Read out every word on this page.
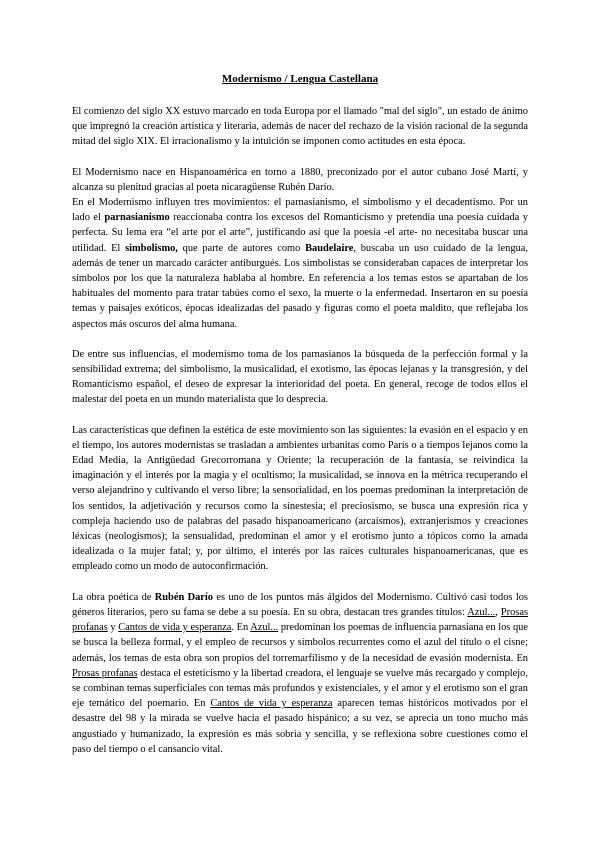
Modernismo / Lengua Castellana

El comienzo del siglo XX estuvo marcado en toda Europa por el llamado "mal del siglo", un estado de ánimo que impregnó la creación artística y literaria, además de nacer del rechazo de la visión racional de la segunda mitad del siglo XIX. El irracionalismo y la intuición se imponen como actitudes en esta época.

El Modernismo nace en Hispanoamérica en torno a 1880, preconizado por el autor cubano José Martí, y alcanza su plenitud gracias al poeta nicaragüense Rubén Darío.

En el Modernismo influyen tres movimientos: el parnasianismo, el simbolismo y el decadentismo. Por un lado el parnasianismo reaccionaba contra los excesos del Romanticismo y pretendía una poesía cuidada y perfecta. Su lema era “el arte por el arte”, justificando así que la poesía -el arte- no necesitaba buscar una utilidad. El simbolismo, que parte de autores como Baudelaire, buscaba un uso cuidado de la lengua, además de tener un marcado carácter antiburgués. Los simbolistas se consideraban capaces de interpretar los símbolos por los que la naturaleza hablaba al hombre. En referencia a los temas estos se apartaban de los habituales del momento para tratar tabúes como el sexo, la muerte o la enfermedad. Insertaron en su poesía temas y paisajes exóticos, épocas idealizadas del pasado y figuras como el poeta maldito, que reflejaba los aspectos más oscuros del alma humana.

De entre sus influencias, el modernismo toma de los parnasianos la búsqueda de la perfección formal y la sensibilidad extrema; del simbolismo, la musicalidad, el exotismo, las épocas lejanas y la transgresión, y del Romanticismo español, el deseo de expresar la interioridad del poeta. En general, recoge de todos ellos el malestar del poeta en un mundo materialista que lo desprecia.

Las características que definen la estética de este movimiento son las siguientes: la evasión en el espacio y en el tiempo, los autores modernistas se trasladan a ambientes urbanitas como París o a tiempos lejanos como la Edad Media, la Antigüedad Grecorromana y Oriente; la recuperación de la fantasía, se reivindica la imaginación y el interés por la magia y el ocultismo; la musicalidad, se innova en la métrica recuperando el verso alejandrino y cultivando el verso libre; la sensorialidad, en los poemas predominan la interpretación de los sentidos, la adjetivación y recursos como la sinestesia; el preciosismo, se busca una expresión rica y compleja haciendo uso de palabras del pasado hispanoamericano (arcaísmos), extranjerismos y creaciones léxicas (neologismos); la sensualidad, predominan el amor y el erotismo junto a tópicos como la amada idealizada o la mujer fatal; y, por último, el interés por las raíces culturales hispanoamericanas, que es empleado como un modo de autoconfirmación.

La obra poética de Rubén Darío es uno de los puntos más álgidos del Modernismo. Cultivó casi todos los géneros literarios, pero su fama se debe a su poesía. En su obra, destacan tres grandes títulos: Azul..., Prosas profanas y Cantos de vida y esperanza. En Azul... predominan los poemas de influencia parnasiana en los que se busca la belleza formal, y el empleo de recursos y símbolos recurrentes como el azul del título o el cisne; además, los temas de esta obra son propios del torremarfilismo y de la necesidad de evasión modernista. En Prosas profanas destaca el esteticismo y la libertad creadora, el lenguaje se vuelve más recargado y complejo, se combinan temas superficiales con temas más profundos y existenciales, y el amor y el erotismo son el gran eje temático del poemario. En Cantos de vida y esperanza aparecen temas históricos motivados por el desastre del 98 y la mirada se vuelve hacia el pasado hispánico; a su vez, se aprecia un tono mucho más angustiado y humanizado, la expresión es más sobria y sencilla, y se reflexiona sobre cuestiones como el paso del tiempo o el cansancio vital.
